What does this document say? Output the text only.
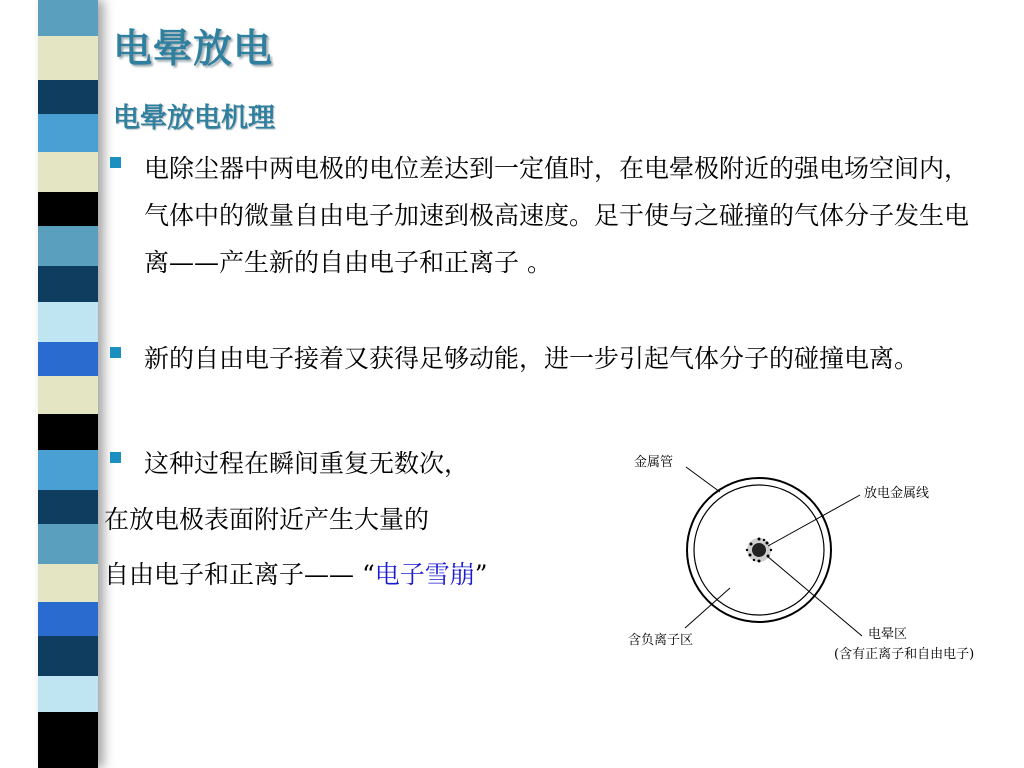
电晕放电
电晕放电机理
电除尘器中两电极的电位差达到一定值时，在电晕极附近的强电场空间内，气体中的微量自由电子加速到极高速度。足于使与之碰撞的气体分子发生电离——产生新的自由电子和正离子 。
新的自由电子接着又获得足够动能，进一步引起气体分子的碰撞电离。
这种过程在瞬间重复无数次，
在放电极表面附近产生大量的
自由电子和正离子—— “电子雪崩”
金属管
放电金属线
含负离子区	电晕区
(含有正离子和自由电子)
